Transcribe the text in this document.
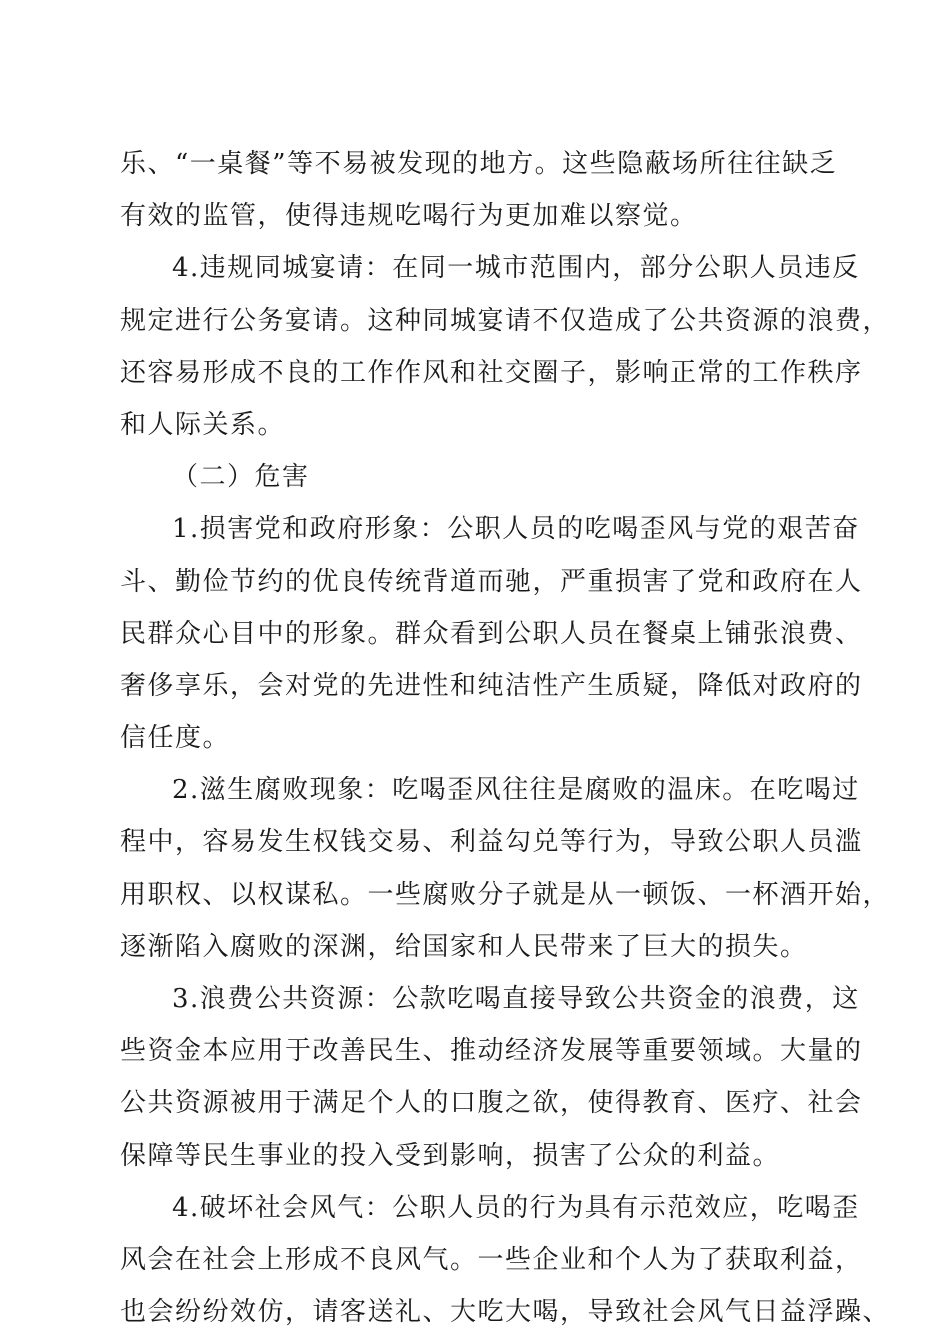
乐、“一桌餐”等不易被发现的地方。这些隐蔽场所往往缺乏
有效的监管，使得违规吃喝行为更加难以察觉。
4.违规同城宴请：在同一城市范围内，部分公职人员违反
规定进行公务宴请。这种同城宴请不仅造成了公共资源的浪费，
还容易形成不良的工作作风和社交圈子，影响正常的工作秩序
和人际关系。
（二）危害
1.损害党和政府形象：公职人员的吃喝歪风与党的艰苦奋
斗、勤俭节约的优良传统背道而驰，严重损害了党和政府在人
民群众心目中的形象。群众看到公职人员在餐桌上铺张浪费、
奢侈享乐，会对党的先进性和纯洁性产生质疑，降低对政府的
信任度。
2.滋生腐败现象：吃喝歪风往往是腐败的温床。在吃喝过
程中，容易发生权钱交易、利益勾兑等行为，导致公职人员滥
用职权、以权谋私。一些腐败分子就是从一顿饭、一杯酒开始，
逐渐陷入腐败的深渊，给国家和人民带来了巨大的损失。
3.浪费公共资源：公款吃喝直接导致公共资金的浪费，这
些资金本应用于改善民生、推动经济发展等重要领域。大量的
公共资源被用于满足个人的口腹之欲，使得教育、医疗、社会
保障等民生事业的投入受到影响，损害了公众的利益。
4.破坏社会风气：公职人员的行为具有示范效应，吃喝歪
风会在社会上形成不良风气。一些企业和个人为了获取利益，
也会纷纷效仿，请客送礼、大吃大喝，导致社会风气日益浮躁、
